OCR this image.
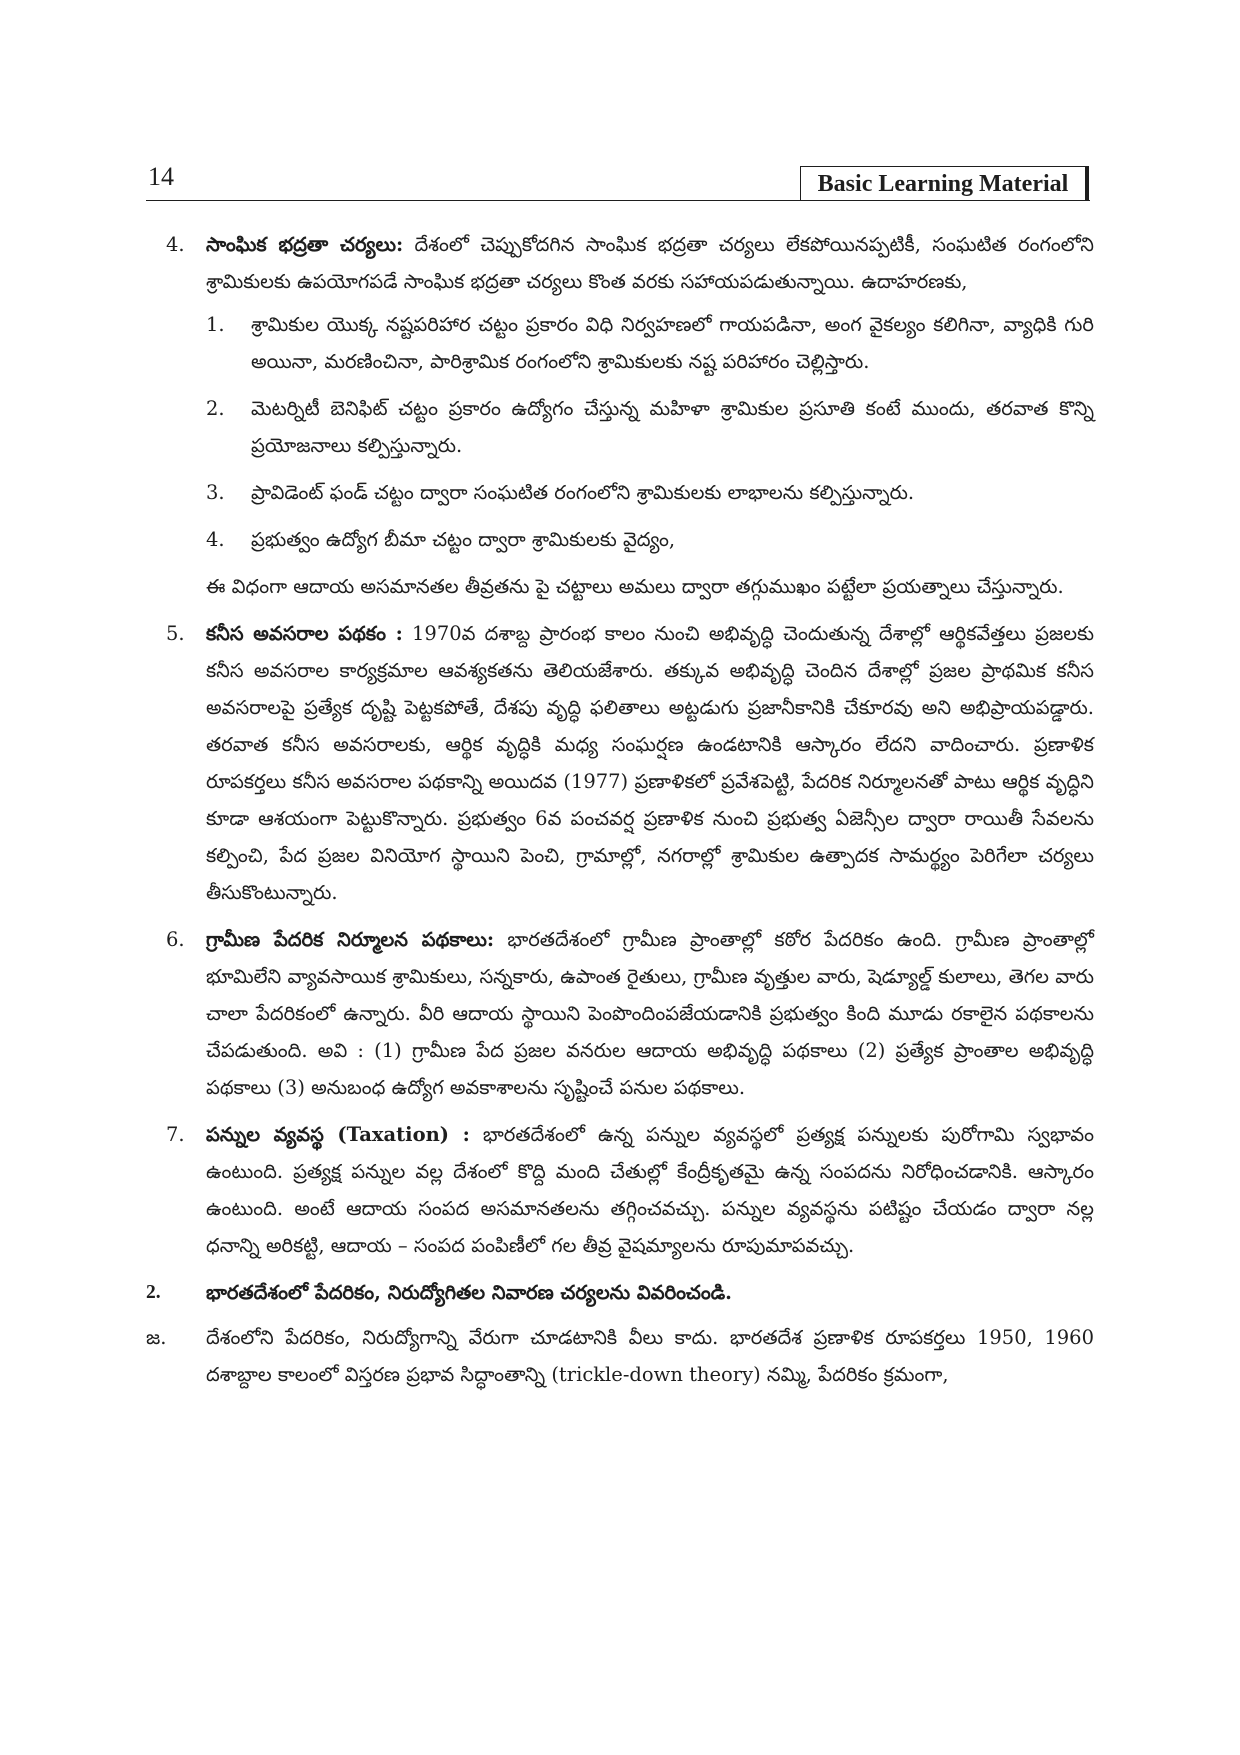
14	Basic Learning Material
4. సాంఘిక భద్రతా చర్యలు: దేశంలో చెప్పుకోదగిన సాంఘిక భద్రతా చర్యలు లేకపోయినప్పటికీ, సంఘటిత రంగంలోని శ్రామికులకు ఉపయోగపడే సాంఘిక భద్రతా చర్యలు కొంత వరకు సహాయపడుతున్నాయి. ఉదాహరణకు,

1. శ్రామికుల యొక్క నష్టపరిహార చట్టం ప్రకారం విధి నిర్వహణలో గాయపడినా, అంగ వైకల్యం కలిగినా, వ్యాధికి గురి అయినా, మరణించినా, పారిశ్రామిక రంగంలోని శ్రామికులకు నష్ట పరిహారం చెల్లిస్తారు.
2. మెటర్నిటీ బెనిఫిట్ చట్టం ప్రకారం ఉద్యోగం చేస్తున్న మహిళా శ్రామికుల ప్రసూతి కంటే ముందు, తరవాత కొన్ని ప్రయోజనాలు కల్పిస్తున్నారు.
3. ప్రావిడెంట్ ఫండ్ చట్టం ద్వారా సంఘటిత రంగంలోని శ్రామికులకు లాభాలను కల్పిస్తున్నారు.
4. ప్రభుత్వం ఉద్యోగ బీమా చట్టం ద్వారా శ్రామికులకు వైద్యం,

ఈ విధంగా ఆదాయ అసమానతల తీవ్రతను పై చట్టాలు అమలు ద్వారా తగ్గుముఖం పట్టేలా ప్రయత్నాలు చేస్తున్నారు.

5. కనీస అవసరాల పథకం : 1970వ దశాబ్ద ప్రారంభ కాలం నుంచి అభివృద్ధి చెందుతున్న దేశాల్లో ఆర్థికవేత్తలు ప్రజలకు కనీస అవసరాల కార్యక్రమాల ఆవశ్యకతను తెలియజేశారు. తక్కువ అభివృద్ధి చెందిన దేశాల్లో ప్రజల ప్రాథమిక కనీస అవసరాలపై ప్రత్యేక దృష్టి పెట్టకపోతే, దేశపు వృద్ధి ఫలితాలు అట్టడుగు ప్రజానీకానికి చేకూరవు అని అభిప్రాయపడ్డారు. తరవాత కనీస అవసరాలకు, ఆర్థిక వృద్ధికి మధ్య సంఘర్షణ ఉండటానికి ఆస్కారం లేదని వాదించారు. ప్రణాళిక రూపకర్తలు కనీస అవసరాల పథకాన్ని అయిదవ (1977) ప్రణాళికలో ప్రవేశపెట్టి, పేదరిక నిర్మూలనతో పాటు ఆర్థిక వృద్ధిని కూడా ఆశయంగా పెట్టుకొన్నారు. ప్రభుత్వం 6వ పంచవర్ష ప్రణాళిక నుంచి ప్రభుత్వ ఏజెన్సీల ద్వారా రాయితీ సేవలను కల్పించి, పేద ప్రజల వినియోగ స్థాయిని పెంచి, గ్రామాల్లో, నగరాల్లో శ్రామికుల ఉత్పాదక సామర్థ్యం పెరిగేలా చర్యలు తీసుకొంటున్నారు.

6. గ్రామీణ పేదరిక నిర్మూలన పథకాలు: భారతదేశంలో గ్రామీణ ప్రాంతాల్లో కఠోర పేదరికం ఉంది. గ్రామీణ ప్రాంతాల్లో భూమిలేని వ్యావసాయిక శ్రామికులు, సన్నకారు, ఉపాంత రైతులు, గ్రామీణ వృత్తుల వారు, షెడ్యూల్డ్ కులాలు, తెగల వారు చాలా పేదరికంలో ఉన్నారు. వీరి ఆదాయ స్థాయిని పెంపొందింపజేయడానికి ప్రభుత్వం కింది మూడు రకాలైన పథకాలను చేపడుతుంది. అవి : (1) గ్రామీణ పేద ప్రజల వనరుల ఆదాయ అభివృద్ధి పథకాలు (2) ప్రత్యేక ప్రాంతాల అభివృద్ధి పథకాలు (3) అనుబంధ ఉద్యోగ అవకాశాలను సృష్టించే పనుల పథకాలు.

7. పన్నుల వ్యవస్థ (Taxation) : భారతదేశంలో ఉన్న పన్నుల వ్యవస్థలో ప్రత్యక్ష పన్నులకు పురోగామి స్వభావం ఉంటుంది. ప్రత్యక్ష పన్నుల వల్ల దేశంలో కొద్ది మంది చేతుల్లో కేంద్రీకృతమై ఉన్న సంపదను నిరోధించడానికి. ఆస్కారం ఉంటుంది. అంటే ఆదాయ సంపద అసమానతలను తగ్గించవచ్చు. పన్నుల వ్యవస్థను పటిష్టం చేయడం ద్వారా నల్ల ధనాన్ని అరికట్టి, ఆదాయ – సంపద పంపిణీలో గల తీవ్ర వైషమ్యాలను రూపుమాపవచ్చు.

2. భారతదేశంలో పేదరికం, నిరుద్యోగితల నివారణ చర్యలను వివరించండి.
జ. దేశంలోని పేదరికం, నిరుద్యోగాన్ని వేరుగా చూడటానికి వీలు కాదు. భారతదేశ ప్రణాళిక రూపకర్తలు 1950, 1960 దశాబ్దాల కాలంలో విస్తరణ ప్రభావ సిద్ధాంతాన్ని (trickle-down theory) నమ్మి, పేదరికం క్రమంగా,
